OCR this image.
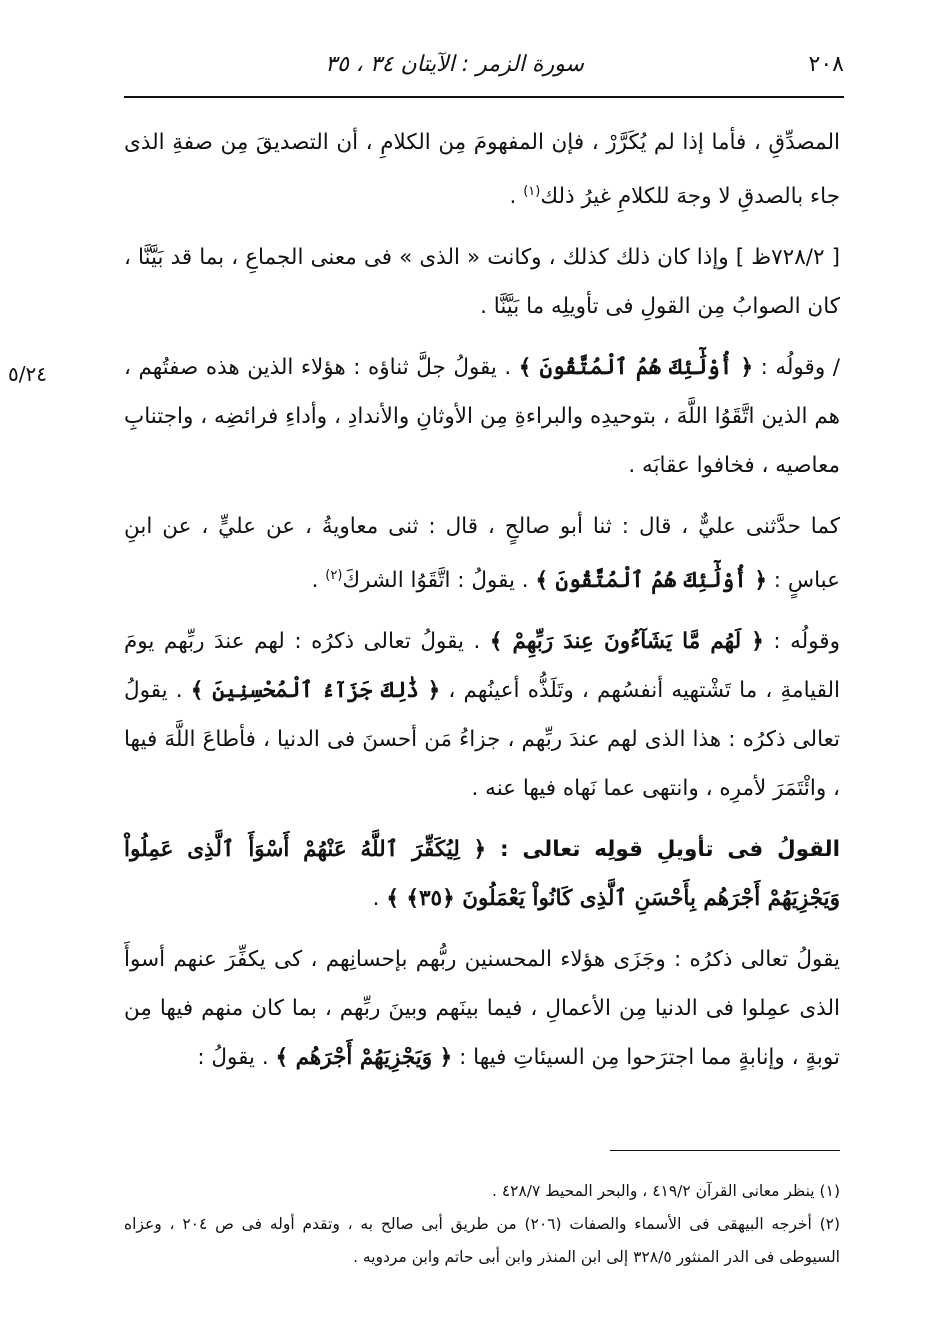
٢٠٨
سورة الزمر : الآيتان ٣٤ ، ٣٥
٥/٢٤

المصدِّقِ ، فأما إذا لم يُكَرَّرْ ، فإن المفهومَ مِن الكلامِ ، أن التصديقَ مِن صفةِ الذى جاء بالصدقِ لا وجهَ للكلامِ غيرُ ذلك$^{(١)}$ .

[ ٧٢٨/٢ظ ] وإذا كان ذلك كذلك ، وكانت « الذى » فى معنى الجماعِ ، بما قد بَيَّنَّا ، كان الصوابُ مِن القولِ فى تأويلِه ما بَيَّنَّا .

/ وقولُه : ﴿ أُوْلَٰٓئِكَ هُمُ ٱلْمُتَّقُونَ ﴾ . يقولُ جلَّ ثناؤه : هؤلاء الذين هذه صفتُهم ، هم الذين اتَّقَوُا اللَّهَ ، بتوحيدِه والبراءةِ مِن الأوثانِ والأندادِ ، وأداءِ فرائضِه ، واجتنابِ معاصيه ، فخافوا عقابَه .

كما حدَّثنى عليٌّ ، قال : ثنا أبو صالحٍ ، قال : ثنى معاويةُ ، عن عليٍّ ، عن ابنِ عباسٍ : ﴿ أُوْلَٰٓئِكَ هُمُ ٱلْمُتَّقُونَ ﴾ . يقولُ : اتَّقَوُا الشركَ$^{(٢)}$ .

وقولُه : ﴿ لَهُم مَّا يَشَآءُونَ عِندَ رَبِّهِمْ ﴾ . يقولُ تعالى ذكرُه : لهم عندَ ربِّهم يومَ القيامةِ ، ما تَشْتهيه أنفسُهم ، وتَلَذُّه أعينُهم ، ﴿ ذَٰلِكَ جَزَآءُ ٱلْمُحْسِنِينَ ﴾ . يقولُ تعالى ذكرُه : هذا الذى لهم عندَ ربِّهم ، جزاءُ مَن أحسنَ فى الدنيا ، فأطاعَ اللَّهَ فيها ، وائْتَمَرَ لأمرِه ، وانتهى عما نَهاه فيها عنه .

القولُ فى تأويلِ قولِه تعالى : ﴿ لِيُكَفِّرَ ٱللَّهُ عَنْهُمْ أَسْوَأَ ٱلَّذِى عَمِلُواْ وَيَجْزِيَهُمْ أَجْرَهُم بِأَحْسَنِ ٱلَّذِى كَانُواْ يَعْمَلُونَ ﴿٣٥﴾ ﴾ .

يقولُ تعالى ذكرُه : وجَزَى هؤلاء المحسنين ربُّهم بإحسانِهم ، كى يكفِّرَ عنهم أسوأَ الذى عمِلوا فى الدنيا مِن الأعمالِ ، فيما بينَهم وبينَ ربِّهم ، بما كان منهم فيها مِن توبةٍ ، وإنابةٍ مما اجترَحوا مِن السيئاتِ فيها : ﴿ وَيَجْزِيَهُمْ أَجْرَهُم ﴾ . يقولُ :

(١) ينظر معانى القرآن ٤١٩/٢ ، والبحر المحيط ٤٢٨/٧ .

(٢) أخرجه البيهقى فى الأسماء والصفات (٢٠٦) من طريق أبى صالح به ، وتقدم أوله فى ص ٢٠٤ ، وعزاه السيوطى فى الدر المنثور ٣٢٨/٥ إلى ابن المنذر وابن أبى حاتم وابن مردويه .
